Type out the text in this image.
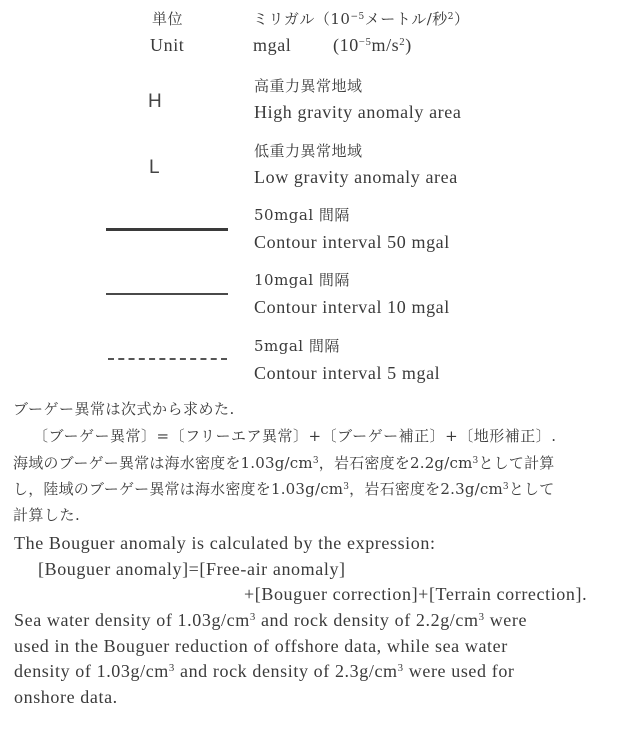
単位	ミリガル（$10^{-5}$メートル/秒$^2$）
Unit	mgal $(10^{-5}m/s^2)$
H
高重力異常地域
High gravity anomaly area
L
低重力異常地域
Low gravity anomaly area
50mgal 間隔
Contour interval 50 mgal
10mgal 間隔
Contour interval 10 mgal
5mgal 間隔
Contour interval 5 mgal
ブーゲー異常は次式から求めた.
〔ブーゲー異常〕=〔フリーエア異常〕+〔ブーゲー補正〕+〔地形補正〕.
海域のブーゲー異常は海水密度を$1.03g/cm^3$，岩石密度を$2.2g/cm^3$として計算
し，陸域のブーゲー異常は海水密度を$1.03g/cm^3$，岩石密度を$2.3g/cm^3$として
計算した.
The Bouguer anomaly is calculated by the expression:
[Bouguer anomaly]=[Free-air anomaly]
+[Bouguer correction]+[Terrain correction].
Sea water density of $1.03g/cm^3$ and rock density of $2.2g/cm^3$ were
used in the Bouguer reduction of offshore data, while sea water
density of $1.03g/cm^3$ and rock density of $2.3g/cm^3$ were used for
onshore data.
